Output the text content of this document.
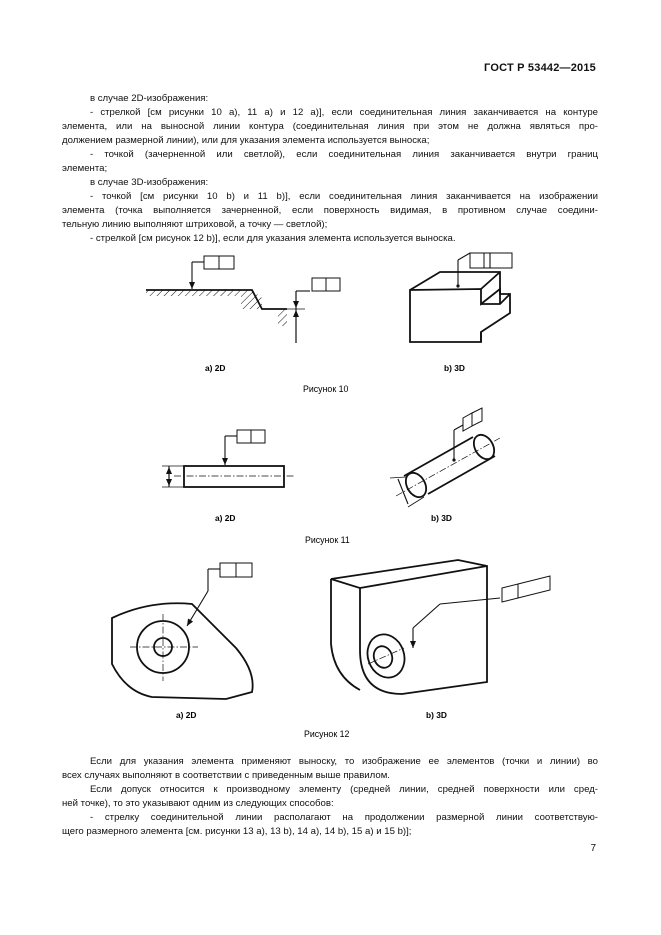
ГОСТ Р 53442—2015
в случае 2D-изображения:
- стрелкой [см рисунки 10 а), 11 а) и 12 а)], если соединительная линия заканчивается на контуре
элемента, или на выносной линии контура (соединительная линия при этом не должна являться про-
должением размерной линии), или для указания элемента используется выноска;
- точкой (зачерненной или светлой), если соединительная линия заканчивается внутри границ
элемента;
в случае 3D-изображения:
- точкой [см рисунки 10 b) и 11 b)], если соединительная линия заканчивается на изображении
элемента (точка выполняется зачерненной, если поверхность видимая, в противном случае соедини-
тельную линию выполняют штриховой, а точку — светлой);
- стрелкой [см рисунок 12 b)], если для указания элемента используется выноска.
а) 2D	b) 3D
Рисунок 10
а) 2D	b) 3D
Рисунок 11
а) 2D	b) 3D
Рисунок 12
Если для указания элемента применяют выноску, то изображение ее элементов (точки и линии) во
всех случаях выполняют в соответствии с приведенным выше правилом.
Если допуск относится к производному элементу (средней линии, средней поверхности или сред-
ней точке), то это указывают одним из следующих способов:
- стрелку соединительной линии располагают на продолжении размерной линии соответствую-
щего размерного элемента [см. рисунки 13 а), 13 b), 14 а), 14 b), 15 а) и 15 b)];
7
